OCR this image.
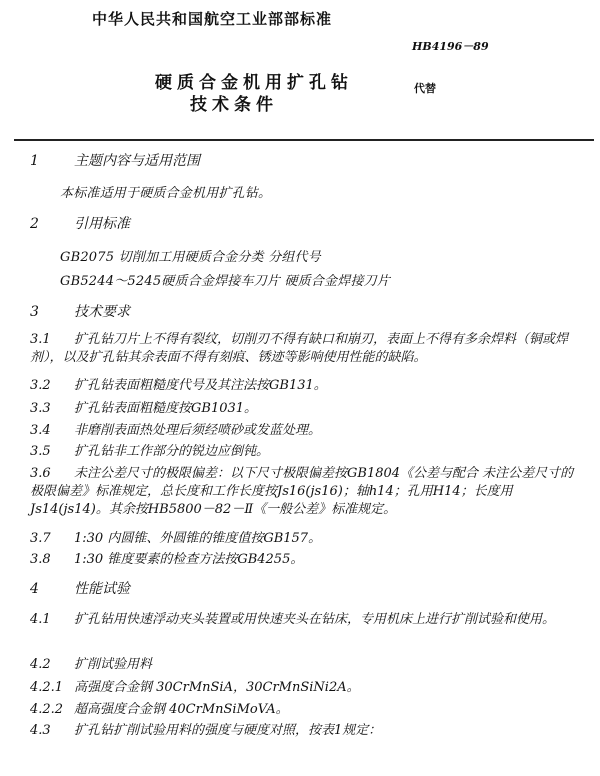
中华人民共和国航空工业部部标准
HB4196－89
硬质合金机用扩孔钻
技术条件
代替
1	主题内容与适用范围
本标准适用于硬质合金机用扩孔钻。
2	引用标准
GB2075 切削加工用硬质合金分类 分组代号
GB5244～5245硬质合金焊接车刀片 硬质合金焊接刀片
3	技术要求
3.1 扩孔钻刀片上不得有裂纹，切削刃不得有缺口和崩刃，表面上不得有多余焊料（铜或焊剂），以及扩孔钻其余表面不得有刻痕、锈迹等影响使用性能的缺陷。
3.2 扩孔钻表面粗糙度代号及其注法按GB131。
3.3 扩孔钻表面粗糙度按GB1031。
3.4 非磨削表面热处理后须经喷砂或发蓝处理。
3.5 扩孔钻非工作部分的锐边应倒钝。
3.6 未注公差尺寸的极限偏差：以下尺寸极限偏差按GB1804《公差与配合 未注公差尺寸的极限偏差》标准规定，总长度和工作长度按Js16(js16)；轴h14；孔用H14；长度用Js14(js14)。其余按HB5800－82－Ⅱ《一般公差》标准规定。
3.7 1:30 内圆锥、外圆锥的锥度值按GB157。
3.8 1:30 锥度要素的检查方法按GB4255。
4	性能试验
4.1 扩孔钻用快速浮动夹头装置或用快速夹头在钻床，专用机床上进行扩削试验和使用。
4.2 扩削试验用料
4.2.1 高强度合金钢 30CrMnSiA，30CrMnSiNi2A。
4.2.2 超高强度合金钢 40CrMnSiMoVA。
4.3 扩孔钻扩削试验用料的强度与硬度对照，按表1规定：
